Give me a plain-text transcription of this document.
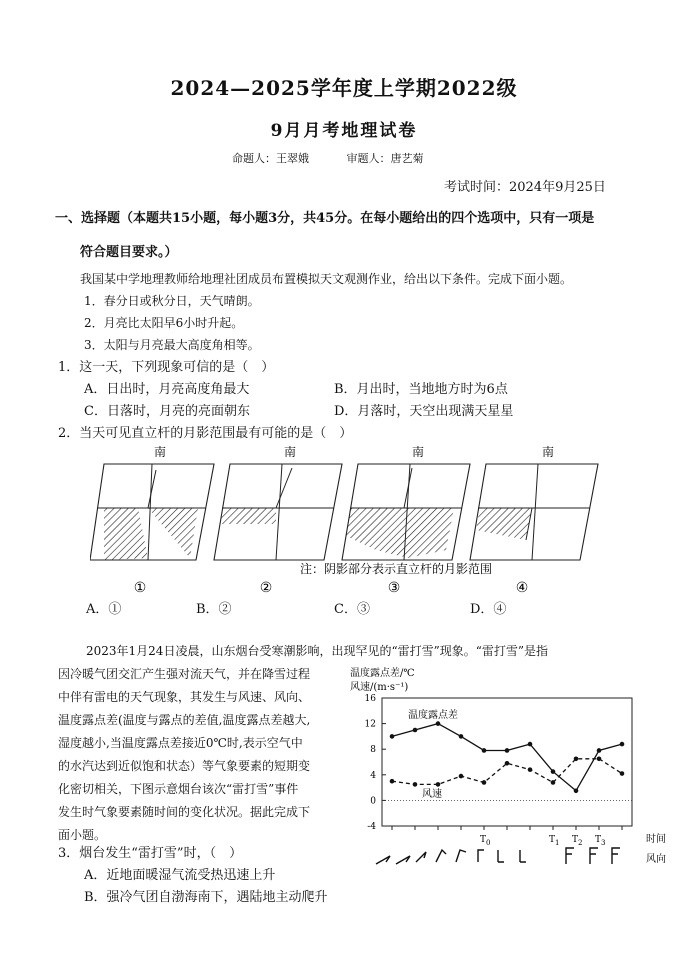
2024—2025学年度上学期2022级
9月月考地理试卷
命题人：王翠娥	审题人：唐艺菊
考试时间：2024年9月25日
一、选择题（本题共15小题，每小题3分，共45分。在每小题给出的四个选项中，只有一项是
符合题目要求。）
我国某中学地理教师给地理社团成员布置模拟天文观测作业，给出以下条件。完成下面小题。
1．春分日或秋分日，天气晴朗。
2．月亮比太阳早6小时升起。
3．太阳与月亮最大高度角相等。
1．这一天，下列现象可信的是（　）
A．日出时，月亮高度角最大	B．月出时，当地地方时为6点
C．日落时，月亮的亮面朝东	D．月落时，天空出现满天星星
2．当天可见直立杆的月影范围最有可能的是（　）
南	南	南	南
注：阴影部分表示直立杆的月影范围
①	②	③	④
A．①	B．②	C．③	D．④
2023年1月24日凌晨，山东烟台受寒潮影响，出现罕见的“雷打雪”现象。“雷打雪”是指
因冷暖气团交汇产生强对流天气，并在降雪过程
中伴有雷电的天气现象，其发生与风速、风向、
温度露点差(温度与露点的差值,温度露点差越大,
湿度越小,当温度露点差接近0℃时,表示空气中
的水汽达到近似饱和状态）等气象要素的短期变
化密切相关，下图示意烟台该次“雷打雪”事件
发生时气象要素随时间的变化状况。据此完成下
面小题。
温度露点差/℃
风速/(m·s⁻¹)
16
12
8
4
0
-4
$T_0$	$T_1$ $T_2$ $T_3$
温度露点差
风速
时间
风向
3．烟台发生“雷打雪”时，（　）
A．近地面暖湿气流受热迅速上升
B．强冷气团自渤海南下，遇陆地主动爬升
